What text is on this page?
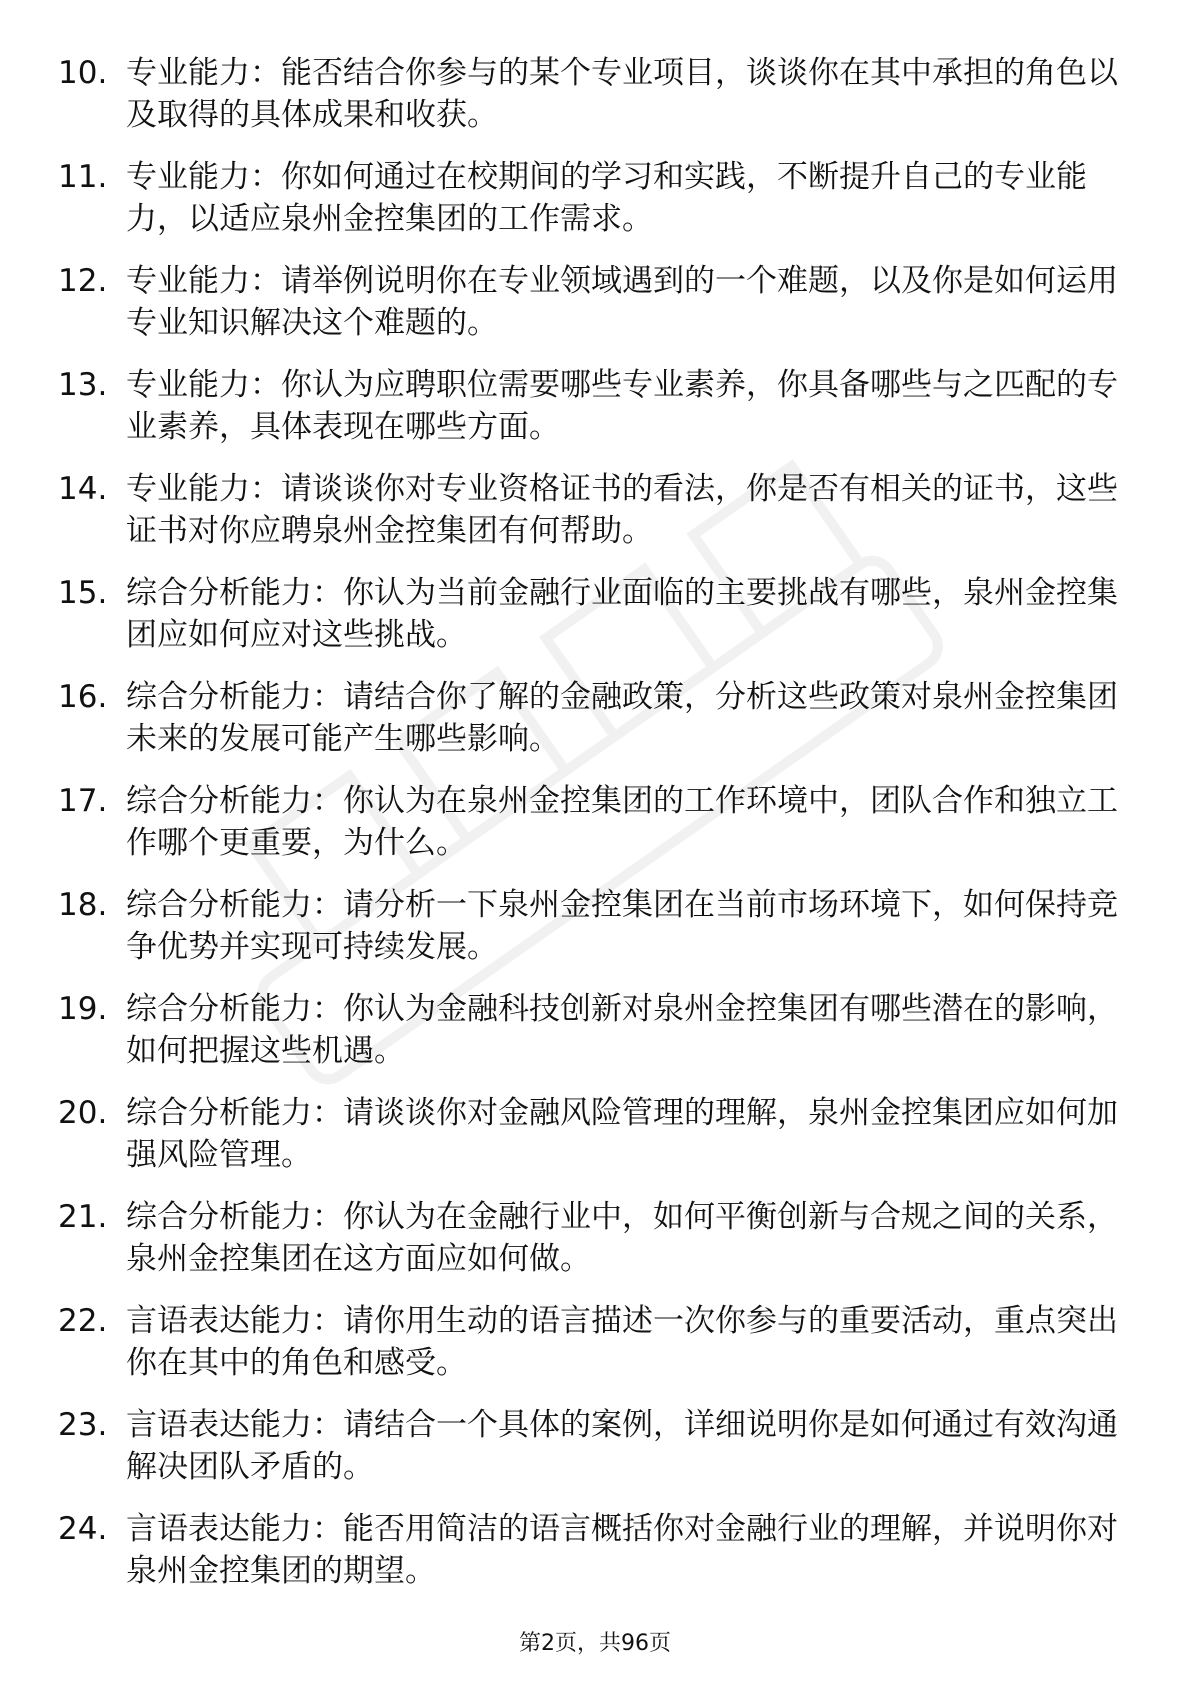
10. 专业能力：能否结合你参与的某个专业项目，谈谈你在其中承担的角色以及取得的具体成果和收获。
11. 专业能力：你如何通过在校期间的学习和实践，不断提升自己的专业能力，以适应泉州金控集团的工作需求。
12. 专业能力：请举例说明你在专业领域遇到的一个难题，以及你是如何运用专业知识解决这个难题的。
13. 专业能力：你认为应聘职位需要哪些专业素养，你具备哪些与之匹配的专业素养，具体表现在哪些方面。
14. 专业能力：请谈谈你对专业资格证书的看法，你是否有相关的证书，这些证书对你应聘泉州金控集团有何帮助。
15. 综合分析能力：你认为当前金融行业面临的主要挑战有哪些，泉州金控集团应如何应对这些挑战。
16. 综合分析能力：请结合你了解的金融政策，分析这些政策对泉州金控集团未来的发展可能产生哪些影响。
17. 综合分析能力：你认为在泉州金控集团的工作环境中，团队合作和独立工作哪个更重要，为什么。
18. 综合分析能力：请分析一下泉州金控集团在当前市场环境下，如何保持竞争优势并实现可持续发展。
19. 综合分析能力：你认为金融科技创新对泉州金控集团有哪些潜在的影响，如何把握这些机遇。
20. 综合分析能力：请谈谈你对金融风险管理的理解，泉州金控集团应如何加强风险管理。
21. 综合分析能力：你认为在金融行业中，如何平衡创新与合规之间的关系，泉州金控集团在这方面应如何做。
22. 言语表达能力：请你用生动的语言描述一次你参与的重要活动，重点突出你在其中的角色和感受。
23. 言语表达能力：请结合一个具体的案例，详细说明你是如何通过有效沟通解决团队矛盾的。
24. 言语表达能力：能否用简洁的语言概括你对金融行业的理解，并说明你对泉州金控集团的期望。
第2页，共96页
